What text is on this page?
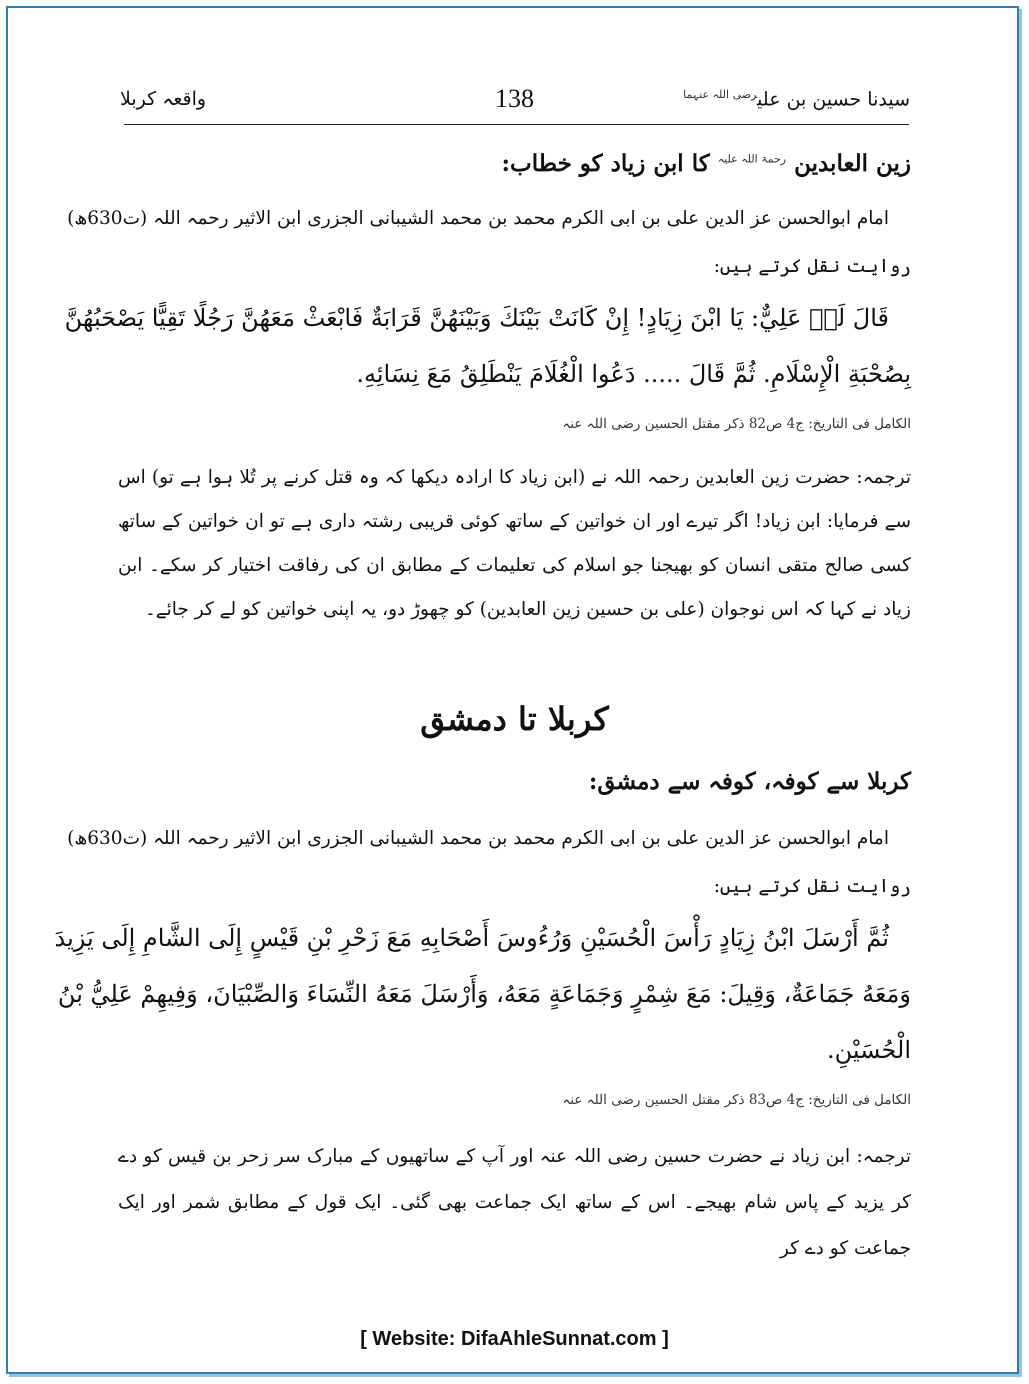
سیدنا حسین بن علی$^{رضی اللہ عنہما}$
138
واقعہ کربلا
زین العابدین $^{رحمۃ اللہ علیہ}$ کا ابن زیاد کو خطاب:
امام ابوالحسن عز الدین علی بن ابی الکرم محمد بن محمد الشیبانی الجزری ابن الاثیر رحمہ اللہ (ت630ھ)
روایت نقل کرتے ہیں:
قَالَ لَہٗ عَلِيٌّ: يَا ابْنَ زِيَادٍ! إِنْ كَانَتْ بَيْنَكَ وَبَيْنَهُنَّ قَرَابَةٌ فَابْعَثْ مَعَهُنَّ رَجُلًا تَقِيًّا يَصْحَبُهُنَّ
بِصُحْبَةِ الْإِسْلَامِ. ثُمَّ قَالَ ..... دَعُوا الْغُلَامَ يَنْطَلِقُ مَعَ نِسَائِهِ.
الکامل فی التاریخ: ج4 ص82 ذکر مقتل الحسین رضی اللہ عنہ
ترجمہ: حضرت زین العابدین رحمہ اللہ نے (ابن زیاد کا ارادہ دیکھا کہ وہ قتل کرنے پر تُلا ہوا ہے تو) اس سے فرمایا: ابن زیاد! اگر تیرے اور ان خواتین کے ساتھ کوئی قریبی رشتہ داری ہے تو ان خواتین کے ساتھ کسی صالح متقی انسان کو بھیجنا جو اسلام کی تعلیمات کے مطابق ان کی رفاقت اختیار کر سکے۔ ابن زیاد نے کہا کہ اس نوجوان (علی بن حسین زین العابدین) کو چھوڑ دو، یہ اپنی خواتین کو لے کر جائے۔
کربلا تا دمشق
کربلا سے کوفہ، کوفہ سے دمشق:
امام ابوالحسن عز الدین علی بن ابی الکرم محمد بن محمد الشیبانی الجزری ابن الاثیر رحمہ اللہ (ت630ھ)
روایت نقل کرتے ہیں:
ثُمَّ أَرْسَلَ ابْنُ زِيَادٍ رَأْسَ الْحُسَيْنِ وَرُءُوسَ أَصْحَابِهِ مَعَ زَحْرِ بْنِ قَيْسٍ إِلَى الشَّامِ إِلَى يَزِيدَ
وَمَعَهُ جَمَاعَةٌ، وَقِيلَ: مَعَ شِمْرٍ وَجَمَاعَةٍ مَعَهُ، وَأَرْسَلَ مَعَهُ النِّسَاءَ وَالصِّبْيَانَ، وَفِيهِمْ عَلِيُّ بْنُ
الْحُسَيْنِ.
الکامل فی التاریخ: ج4 ص83 ذکر مقتل الحسین رضی اللہ عنہ
ترجمہ: ابن زیاد نے حضرت حسین رضی اللہ عنہ اور آپ کے ساتھیوں کے مبارک سر زحر بن قیس کو دے کر یزید کے پاس شام بھیجے۔ اس کے ساتھ ایک جماعت بھی گئی۔ ایک قول کے مطابق شمر اور ایک جماعت کو دے کر
[ Website: DifaAhleSunnat.com ]
